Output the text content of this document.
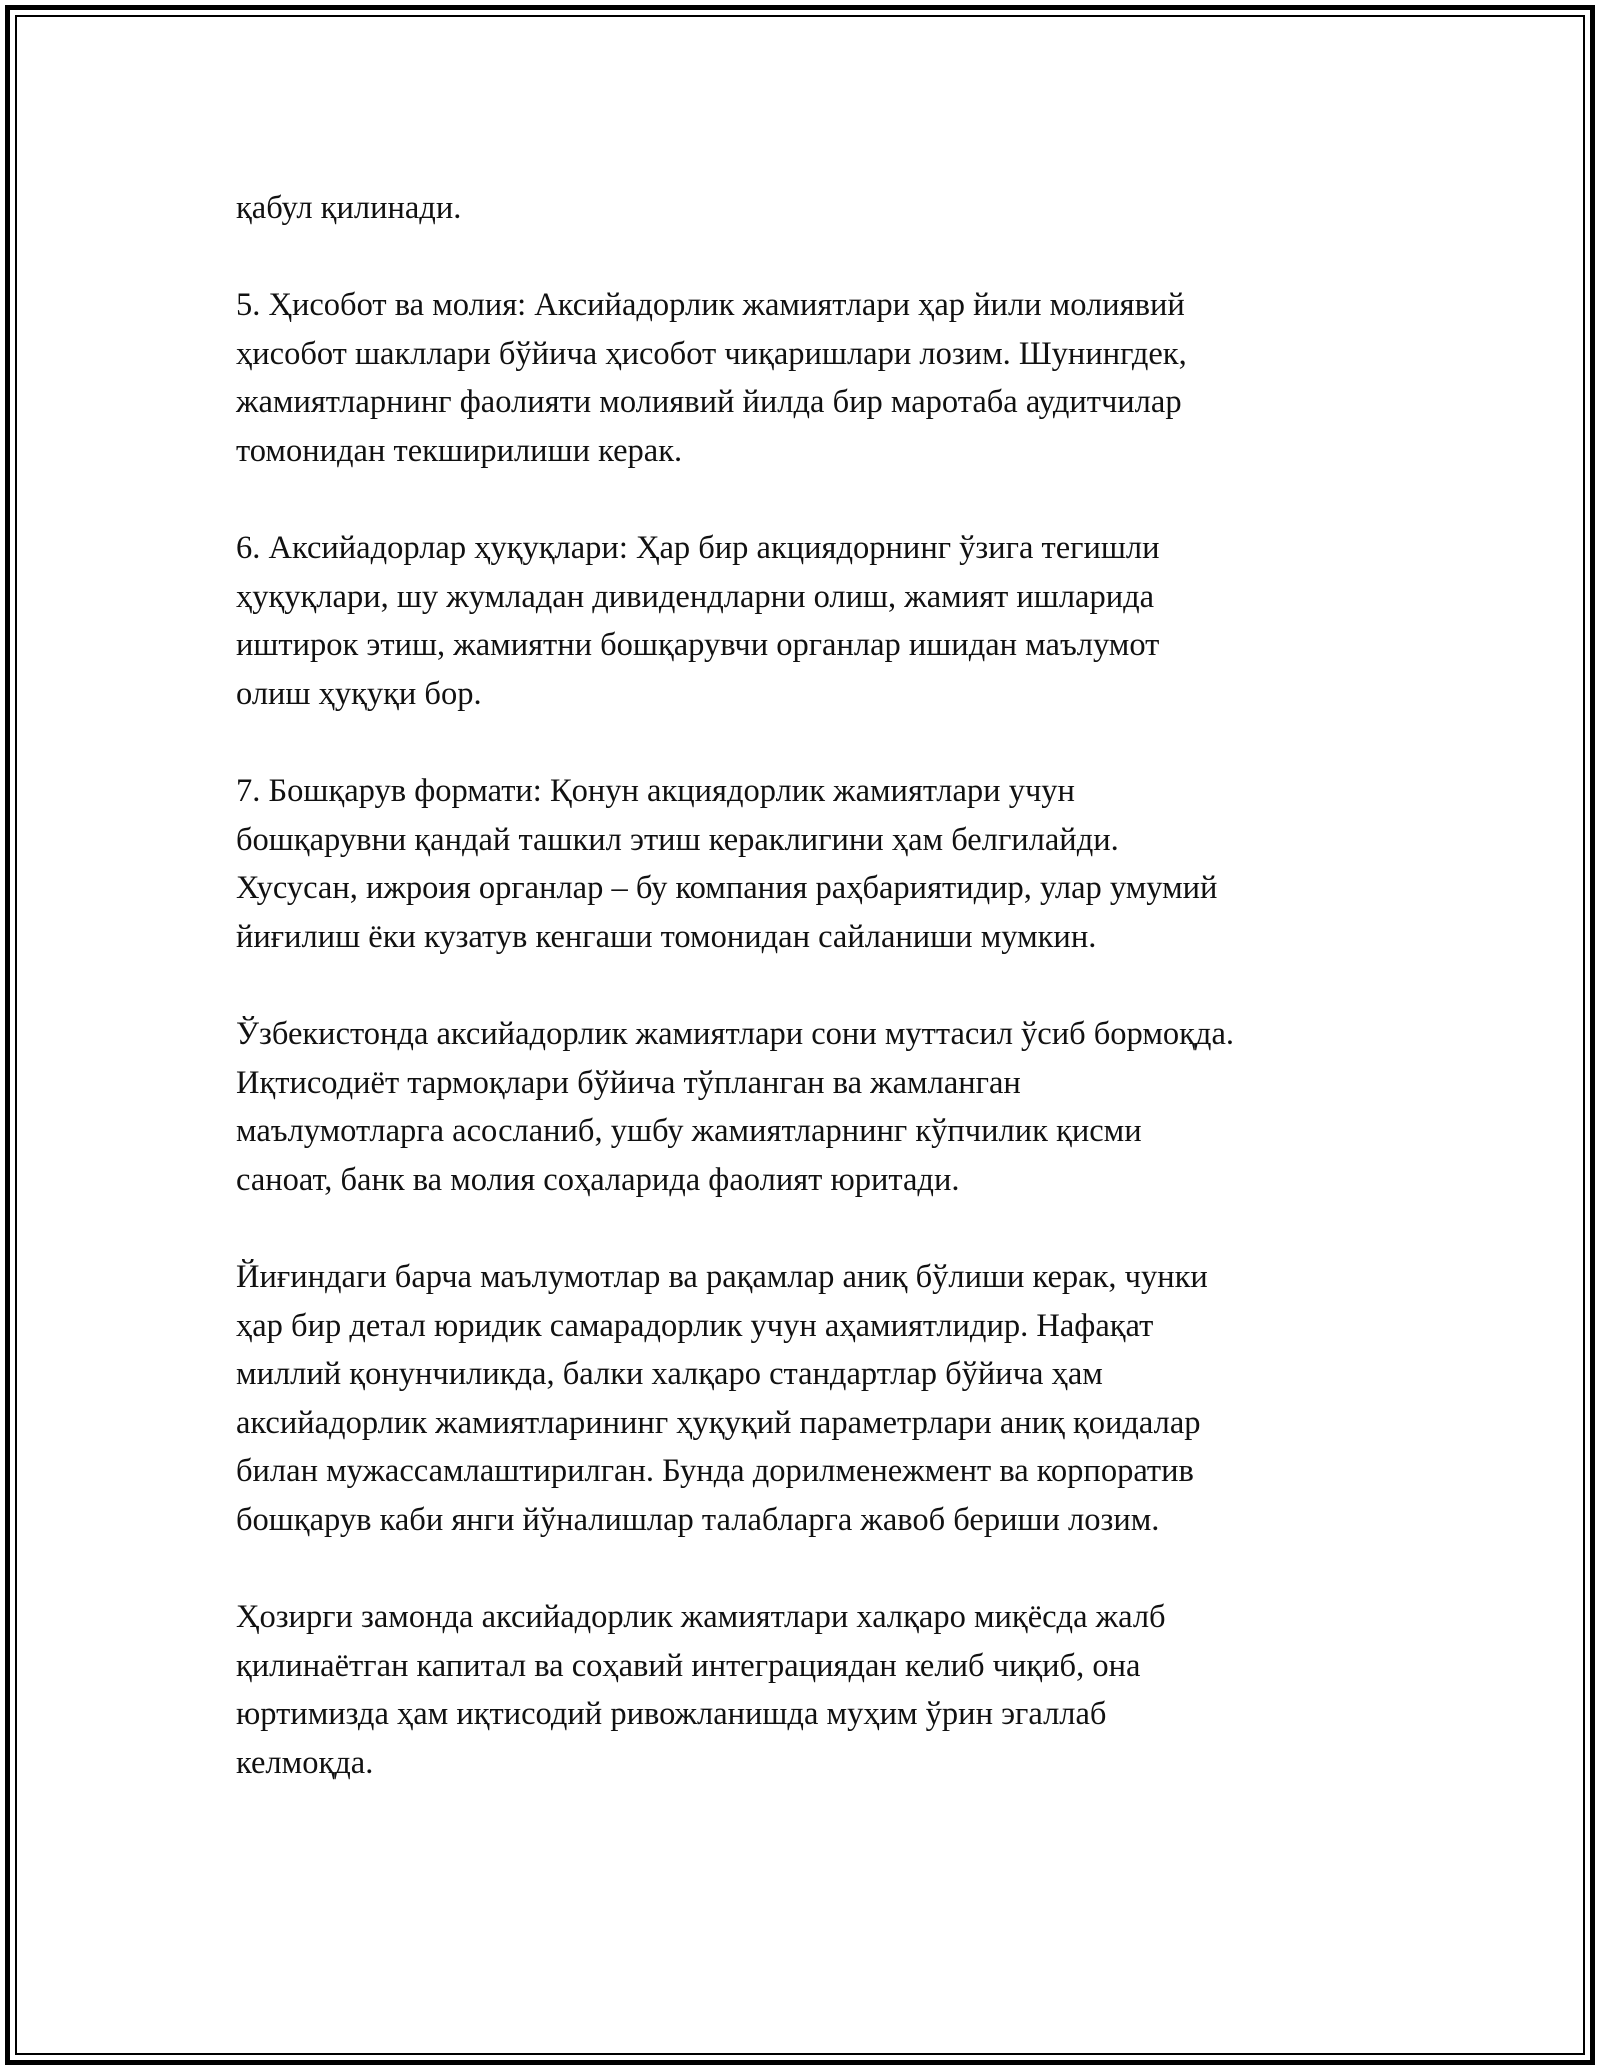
қабул қилинади.
5. Ҳисобот ва молия: Аксийадорлик жамиятлари ҳар йили молиявий
ҳисобот шакллари бўйича ҳисобот чиқаришлари лозим. Шунингдек,
жамиятларнинг фаолияти молиявий йилда бир маротаба аудитчилар
томонидан текширилиши керак.
6. Аксийадорлар ҳуқуқлари: Ҳар бир акциядорнинг ўзига тегишли
ҳуқуқлари, шу жумладан дивидендларни олиш, жамият ишларида
иштирок этиш, жамиятни бошқарувчи органлар ишидан маълумот
олиш ҳуқуқи бор.
7. Бошқарув формати: Қонун акциядорлик жамиятлари учун
бошқарувни қандай ташкил этиш кераклигини ҳам белгилайди.
Хусусан, ижроия органлар – бу компания раҳбариятидир, улар умумий
йиғилиш ёки кузатув кенгаши томонидан сайланиши мумкин.
Ўзбекистонда аксийадорлик жамиятлари сони муттасил ўсиб бормоқда.
Иқтисодиёт тармоқлари бўйича тўпланган ва жамланган
маълумотларга асосланиб, ушбу жамиятларнинг кўпчилик қисми
саноат, банк ва молия соҳаларида фаолият юритади.
Йиғиндаги барча маълумотлар ва рақамлар аниқ бўлиши керак, чунки
ҳар бир детал юридик самарадорлик учун аҳамиятлидир. Нафақат
миллий қонунчиликда, балки халқаро стандартлар бўйича ҳам
аксийадорлик жамиятларининг ҳуқуқий параметрлари аниқ қоидалар
билан мужассамлаштирилган. Бунда дорилменежмент ва корпоратив
бошқарув каби янги йўналишлар талабларга жавоб бериши лозим.
Ҳозирги замонда аксийадорлик жамиятлари халқаро миқёсда жалб
қилинаётган капитал ва соҳавий интеграциядан келиб чиқиб, она
юртимизда ҳам иқтисодий ривожланишда муҳим ўрин эгаллаб
келмоқда.
